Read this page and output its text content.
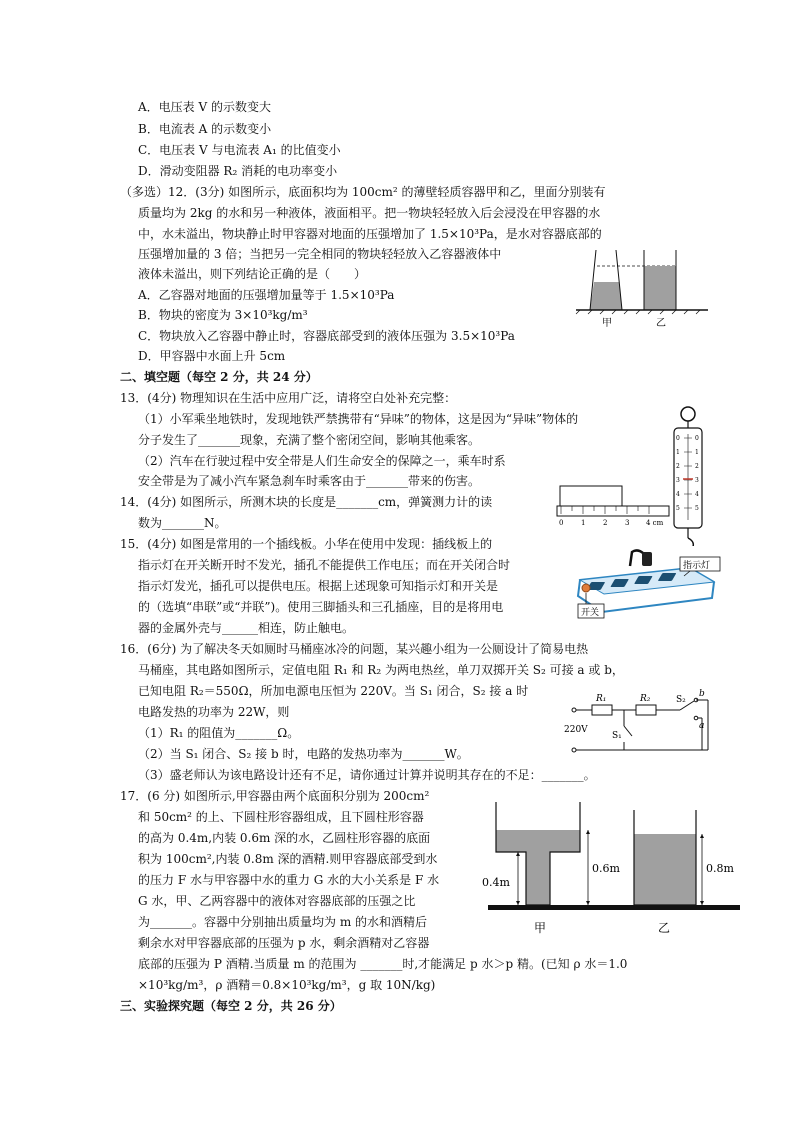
A．电压表 V 的示数变大
B．电流表 A 的示数变小
C．电压表 V 与电流表 A₁ 的比值变小
D．滑动变阻器 R₂ 消耗的电功率变小
（多选）12．(3分) 如图所示，底面积均为 100cm² 的薄壁轻质容器甲和乙，里面分别装有
质量均为 2kg 的水和另一种液体，液面相平。把一物块轻轻放入后会浸没在甲容器的水
中，水未溢出，物块静止时甲容器对地面的压强增加了 1.5×10³Pa，是水对容器底部的
压强增加量的 3 倍；当把另一完全相同的物块轻轻放入乙容器液体中
液体未溢出，则下列结论正确的是（　　）
A．乙容器对地面的压强增加量等于 1.5×10³Pa
B．物块的密度为 3×10³kg/m³
C．物块放入乙容器中静止时，容器底部受到的液体压强为 3.5×10³Pa
D．甲容器中水面上升 5cm
甲	乙
二、填空题（每空 2 分，共 24 分）
13．(4分) 物理知识在生活中应用广泛，请将空白处补充完整：
（1）小军乘坐地铁时，发现地铁严禁携带有“异味”的物体，这是因为“异味”物体的
分子发生了_______现象，充满了整个密闭空间，影响其他乘客。
（2）汽车在行驶过程中安全带是人们生命安全的保障之一，乘车时系
安全带是为了减小汽车紧急刹车时乘客由于_______带来的伤害。
14．(4分) 如图所示，所测木块的长度是_______cm，弹簧测力计的读
数为_______N。	0	1	2	3 4 cm
0
1
2
3
4
5
0
1
2
3
4
5
15．(4分) 如图是常用的一个插线板。小华在使用中发现：插线板上的
指示灯在开关断开时不发光，插孔不能提供工作电压；而在开关闭合时
指示灯发光，插孔可以提供电压。根据上述现象可知指示灯和开关是
的（选填“串联”或“并联”)。使用三脚插头和三孔插座，目的是将用电
器的金属外壳与______相连，防止触电。
指示灯
开关
16．(6分) 为了解决冬天如厕时马桶座冰冷的问题，某兴趣小组为一公厕设计了简易电热
马桶座，其电路如图所示，定值电阻 R₁ 和 R₂ 为两电热丝，单刀双掷开关 S₂ 可接 a 或 b，
已知电阻 R₂＝550Ω，所加电源电压恒为 220V。当 S₁ 闭合，S₂ 接 a 时
电路发热的功率为 22W，则
（1）R₁ 的阻值为_______Ω。
（2）当 S₁ 闭合、S₂ 接 b 时，电路的发热功率为_______W。
（3）盛老师认为该电路设计还有不足，请你通过计算并说明其存在的不足：_______。
R₁	R₂	S₂
b
a
220V
S₁
17．(6 分) 如图所示,甲容器由两个底面积分别为 200cm²
和 50cm² 的上、下圆柱形容器组成，且下圆柱形容器
的高为 0.4m,内装 0.6m 深的水，乙圆柱形容器的底面
积为 100cm²,内装 0.8m 深的酒精.则甲容器底部受到水
的压力 F 水与甲容器中水的重力 G 水的大小关系是 F 水
G 水，甲、乙两容器中的液体对容器底部的压强之比
为_______。容器中分别抽出质量均为 m 的水和酒精后
剩余水对甲容器底部的压强为 p 水，剩余酒精对乙容器
底部的压强为 P 酒精.当质量 m 的范围为 _______时,才能满足 p 水＞p 精。(已知 ρ 水＝1.0
×10³kg/m³，ρ 酒精＝0.8×10³kg/m³，g 取 10N/kg)
0.6m
0.4m
0.8m
甲	乙
三、实验探究题（每空 2 分，共 26 分）
